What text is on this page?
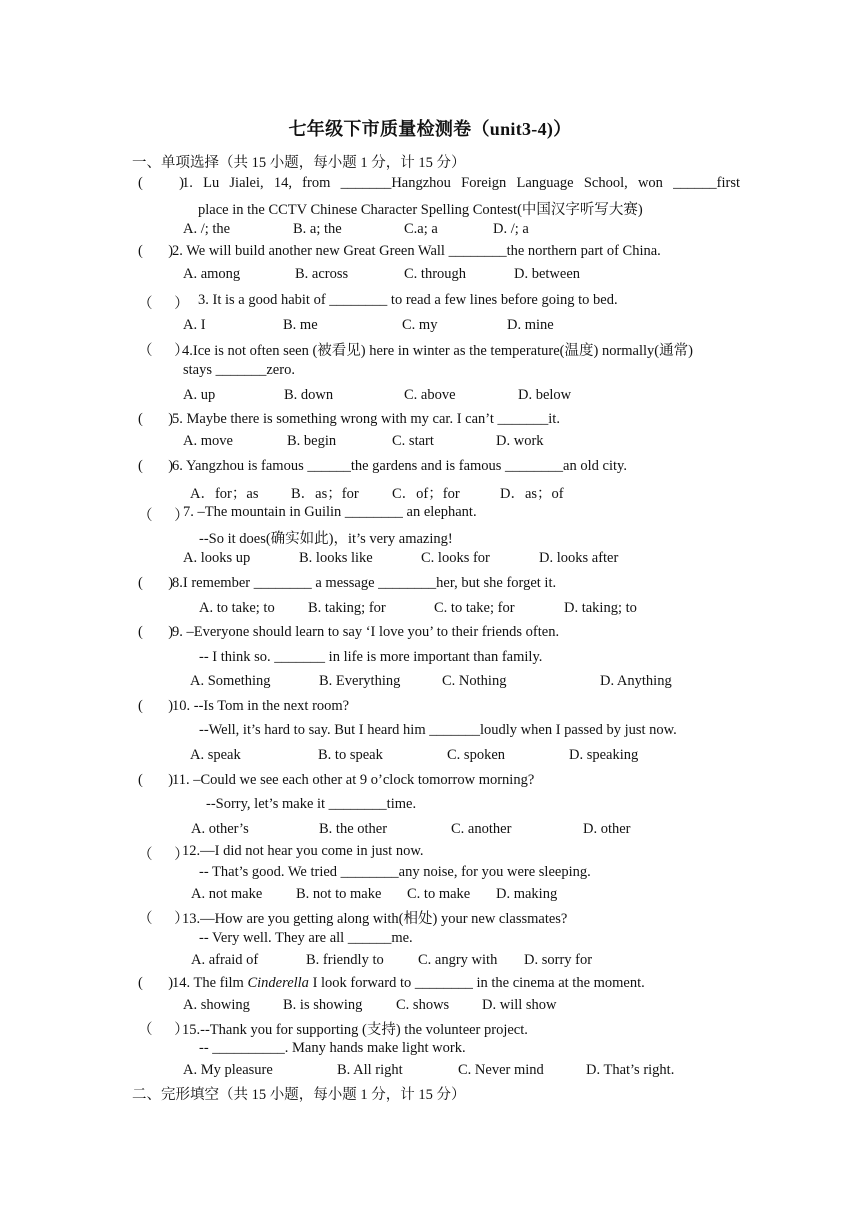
七年级下市质量检测卷（unit3-4)）
一、单项选择（共 15 小题，每小题 1 分，计 15 分）
(          )
1. Lu Jialei, 14, from _______Hangzhou Foreign Language School, won ______first
place in the CCTV Chinese Character Spelling Contest(中国汉字听写大赛)
A. /; the	B. a; the	C.a; a	D. /; a
(       )
2. We will build another new Great Green Wall ________the northern part of China.
A. among	B. across	C. through	D. between
（      ） 3. It is a good habit of ________ to read a few lines before going to bed.
A. I	B. me	C. my	D. mine
（      ）
4.Ice is not often seen (被看见) here in winter as the temperature(温度) normally(通常)
stays _______zero.
A. up	B. down	C. above	D. below
(       )
5. Maybe there is something wrong with my car. I can’t _______it.
A. move	B. begin	C. start	D. work
(       )
6. Yangzhou is famous ______the gardens and is famous ________an old city.
A．for；as B．as；for C．of；for	D．as；of
（      ）
7. –The mountain in Guilin ________ an elephant.
--So it does(确实如此)，it’s very amazing!
A. looks up	B. looks like	C. looks for	D. looks after
(       )
8.I remember ________ a message ________her, but she forget it.
A. to take; to B. taking; for	C. to take; for	D. taking; to
(       )
9. –Everyone should learn to say ‘I love you’ to their friends often.
-- I think so. _______ in life is more important than family.
A. Something	B. Everything	C. Nothing	D. Anything
(       )
10. --Is Tom in the next room?
--Well, it’s hard to say. But I heard him _______loudly when I passed by just now.
A. speak	B. to speak	C. spoken	D. speaking
(       )
11. –Could we see each other at 9 o’clock tomorrow morning?
--Sorry, let’s make it ________time.
A. other’s	B. the other	C. another	D. other
（      ）
12.—I did not hear you come in just now.
-- That’s good. We tried ________any noise, for you were sleeping.
A. not make B. not to make C. to make D. making
（      ）
13.—How are you getting along with(相处) your new classmates?
-- Very well. They are all ______me.
A. afraid of	B. friendly to C. angry with D. sorry for
(       )
14. The film Cinderella I look forward to ________ in the cinema at the moment.
A. showing B. is showing C. shows D. will show
（      ）
15.--Thank you for supporting (支持) the volunteer project.
-- __________. Many hands make light work.
A. My pleasure	B. All right	C. Never mind	D. That’s right.
二、完形填空（共 15 小题，每小题 1 分，计 15 分）
